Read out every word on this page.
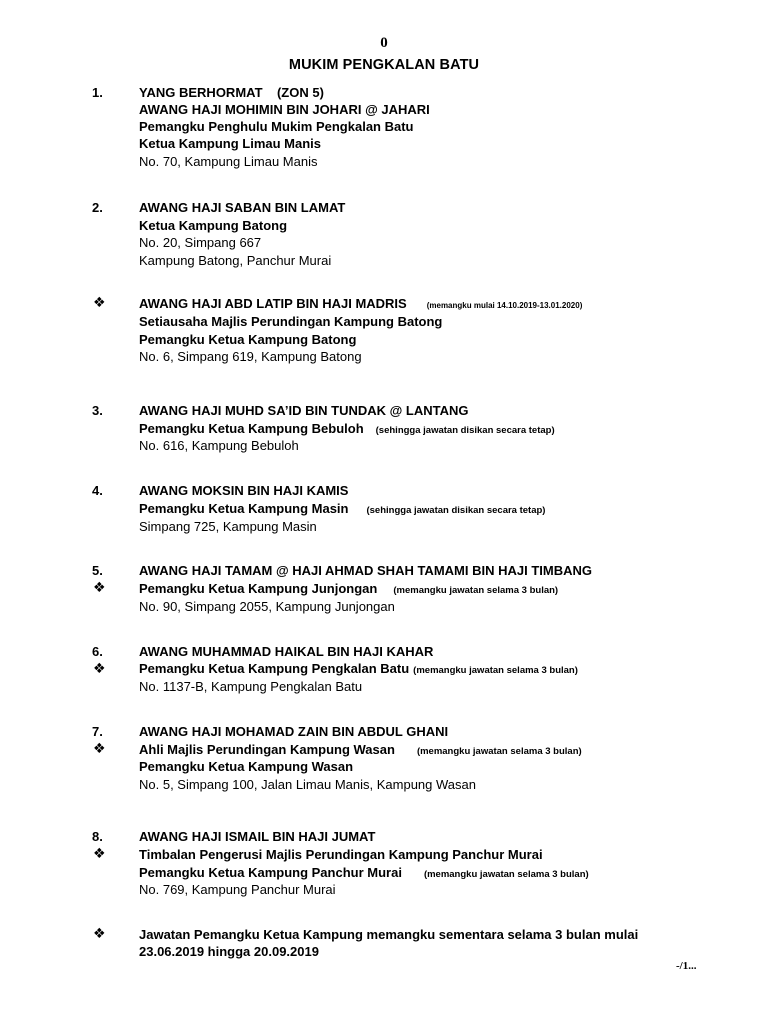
0
MUKIM PENGKALAN BATU
1.	YANG BERHORMAT    (ZON 5)
AWANG HAJI MOHIMIN BIN JOHARI @ JAHARI
Pemangku Penghulu Mukim Pengkalan Batu
Ketua Kampung Limau Manis
No. 70, Kampung Limau Manis
2.	AWANG HAJI SABAN BIN LAMAT
Ketua Kampung Batong
No. 20, Simpang 667
Kampung Batong, Panchur Murai
❖	AWANG HAJI ABD LATIP BIN HAJI MADRIS	(memangku mulai 14.10.2019-13.01.2020)
Setiausaha Majlis Perundingan Kampung Batong
Pemangku Ketua Kampung Batong
No. 6, Simpang 619, Kampung Batong
3.	AWANG HAJI MUHD SA’ID BIN TUNDAK @ LANTANG
Pemangku Ketua Kampung Bebuloh (sehingga jawatan disikan secara tetap)
No. 616, Kampung Bebuloh
4.	AWANG MOKSIN BIN HAJI KAMIS
Pemangku Ketua Kampung Masin (sehingga jawatan disikan secara tetap)
Simpang 725, Kampung Masin
5.
❖
AWANG HAJI TAMAM @ HAJI AHMAD SHAH TAMAMI BIN HAJI TIMBANG
Pemangku Ketua Kampung Junjongan (memangku jawatan selama 3 bulan)
No. 90, Simpang 2055, Kampung Junjongan
6.
❖
AWANG MUHAMMAD HAIKAL BIN HAJI KAHAR
Pemangku Ketua Kampung Pengkalan Batu (memangku jawatan selama 3 bulan)
No. 1137-B, Kampung Pengkalan Batu
7.
❖
AWANG HAJI MOHAMAD ZAIN BIN ABDUL GHANI
Ahli Majlis Perundingan Kampung Wasan (memangku jawatan selama 3 bulan)
Pemangku Ketua Kampung Wasan
No. 5, Simpang 100, Jalan Limau Manis, Kampung Wasan
8.
❖
AWANG HAJI ISMAIL BIN HAJI JUMAT
Timbalan Pengerusi Majlis Perundingan Kampung Panchur Murai
Pemangku Ketua Kampung Panchur Murai (memangku jawatan selama 3 bulan)
No. 769, Kampung Panchur Murai
❖	Jawatan Pemangku Ketua Kampung memangku sementara selama 3 bulan mulai
23.06.2019 hingga 20.09.2019
-/1...
